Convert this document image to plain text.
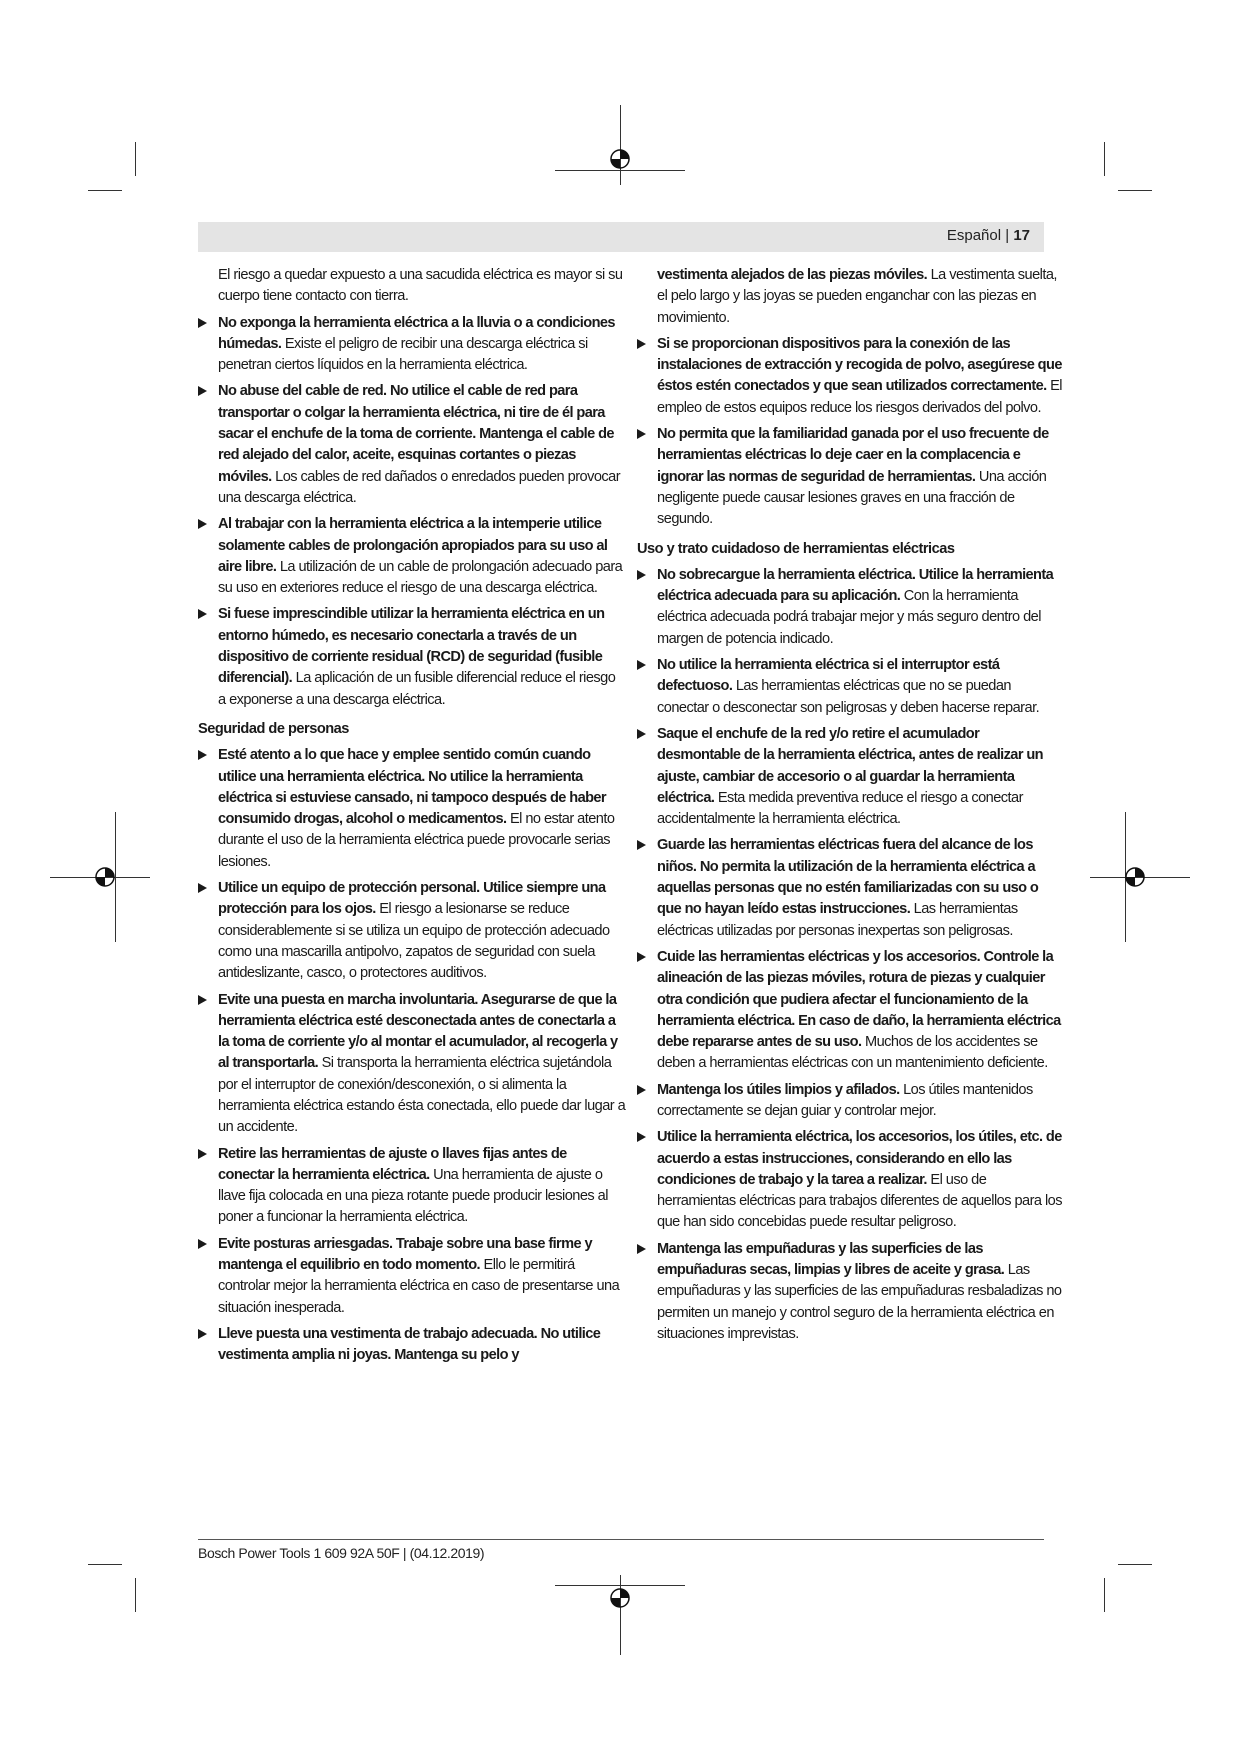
Español | 17

El riesgo a quedar expuesto a una sacudida eléctrica es mayor si su cuerpo tiene contacto con tierra.

No exponga la herramienta eléctrica a la lluvia o a condiciones húmedas. Existe el peligro de recibir una descarga eléctrica si penetran ciertos líquidos en la herramienta eléctrica.

No abuse del cable de red. No utilice el cable de red para transportar o colgar la herramienta eléctrica, ni tire de él para sacar el enchufe de la toma de corriente. Mantenga el cable de red alejado del calor, aceite, esquinas cortantes o piezas móviles. Los cables de red dañados o enredados pueden provocar una descarga eléctrica.

Al trabajar con la herramienta eléctrica a la intemperie utilice solamente cables de prolongación apropiados para su uso al aire libre. La utilización de un cable de prolongación adecuado para su uso en exteriores reduce el riesgo de una descarga eléctrica.

Si fuese imprescindible utilizar la herramienta eléctrica en un entorno húmedo, es necesario conectarla a través de un dispositivo de corriente residual (RCD) de seguridad (fusible diferencial). La aplicación de un fusible diferencial reduce el riesgo a exponerse a una descarga eléctrica.

Seguridad de personas

Esté atento a lo que hace y emplee sentido común cuando utilice una herramienta eléctrica. No utilice la herramienta eléctrica si estuviese cansado, ni tampoco después de haber consumido drogas, alcohol o medicamentos. El no estar atento durante el uso de la herramienta eléctrica puede provocarle serias lesiones.

Utilice un equipo de protección personal. Utilice siempre una protección para los ojos. El riesgo a lesionarse se reduce considerablemente si se utiliza un equipo de protección adecuado como una mascarilla antipolvo, zapatos de seguridad con suela antideslizante, casco, o protectores auditivos.

Evite una puesta en marcha involuntaria. Asegurarse de que la herramienta eléctrica esté desconectada antes de conectarla a la toma de corriente y/o al montar el acumulador, al recogerla y al transportarla. Si transporta la herramienta eléctrica sujetándola por el interruptor de conexión/desconexión, o si alimenta la herramienta eléctrica estando ésta conectada, ello puede dar lugar a un accidente.

Retire las herramientas de ajuste o llaves fijas antes de conectar la herramienta eléctrica. Una herramienta de ajuste o llave fija colocada en una pieza rotante puede producir lesiones al poner a funcionar la herramienta eléctrica.

Evite posturas arriesgadas. Trabaje sobre una base firme y mantenga el equilibrio en todo momento. Ello le permitirá controlar mejor la herramienta eléctrica en caso de presentarse una situación inesperada.

Lleve puesta una vestimenta de trabajo adecuada. No utilice vestimenta amplia ni joyas. Mantenga su pelo y

vestimenta alejados de las piezas móviles. La vestimenta suelta, el pelo largo y las joyas se pueden enganchar con las piezas en movimiento.

Si se proporcionan dispositivos para la conexión de las instalaciones de extracción y recogida de polvo, asegúrese que éstos estén conectados y que sean utilizados correctamente. El empleo de estos equipos reduce los riesgos derivados del polvo.

No permita que la familiaridad ganada por el uso frecuente de herramientas eléctricas lo deje caer en la complacencia e ignorar las normas de seguridad de herramientas. Una acción negligente puede causar lesiones graves en una fracción de segundo.

Uso y trato cuidadoso de herramientas eléctricas

No sobrecargue la herramienta eléctrica. Utilice la herramienta eléctrica adecuada para su aplicación. Con la herramienta eléctrica adecuada podrá trabajar mejor y más seguro dentro del margen de potencia indicado.

No utilice la herramienta eléctrica si el interruptor está defectuoso. Las herramientas eléctricas que no se puedan conectar o desconectar son peligrosas y deben hacerse reparar.

Saque el enchufe de la red y/o retire el acumulador desmontable de la herramienta eléctrica, antes de realizar un ajuste, cambiar de accesorio o al guardar la herramienta eléctrica. Esta medida preventiva reduce el riesgo a conectar accidentalmente la herramienta eléctrica.

Guarde las herramientas eléctricas fuera del alcance de los niños. No permita la utilización de la herramienta eléctrica a aquellas personas que no estén familiarizadas con su uso o que no hayan leído estas instrucciones. Las herramientas eléctricas utilizadas por personas inexpertas son peligrosas.

Cuide las herramientas eléctricas y los accesorios. Controle la alineación de las piezas móviles, rotura de piezas y cualquier otra condición que pudiera afectar el funcionamiento de la herramienta eléctrica. En caso de daño, la herramienta eléctrica debe repararse antes de su uso. Muchos de los accidentes se deben a herramientas eléctricas con un mantenimiento deficiente.

Mantenga los útiles limpios y afilados. Los útiles mantenidos correctamente se dejan guiar y controlar mejor.

Utilice la herramienta eléctrica, los accesorios, los útiles, etc. de acuerdo a estas instrucciones, considerando en ello las condiciones de trabajo y la tarea a realizar. El uso de herramientas eléctricas para trabajos diferentes de aquellos para los que han sido concebidas puede resultar peligroso.

Mantenga las empuñaduras y las superficies de las empuñaduras secas, limpias y libres de aceite y grasa. Las empuñaduras y las superficies de las empuñaduras resbaladizas no permiten un manejo y control seguro de la herramienta eléctrica en situaciones imprevistas.

Bosch Power Tools 1 609 92A 50F | (04.12.2019)
